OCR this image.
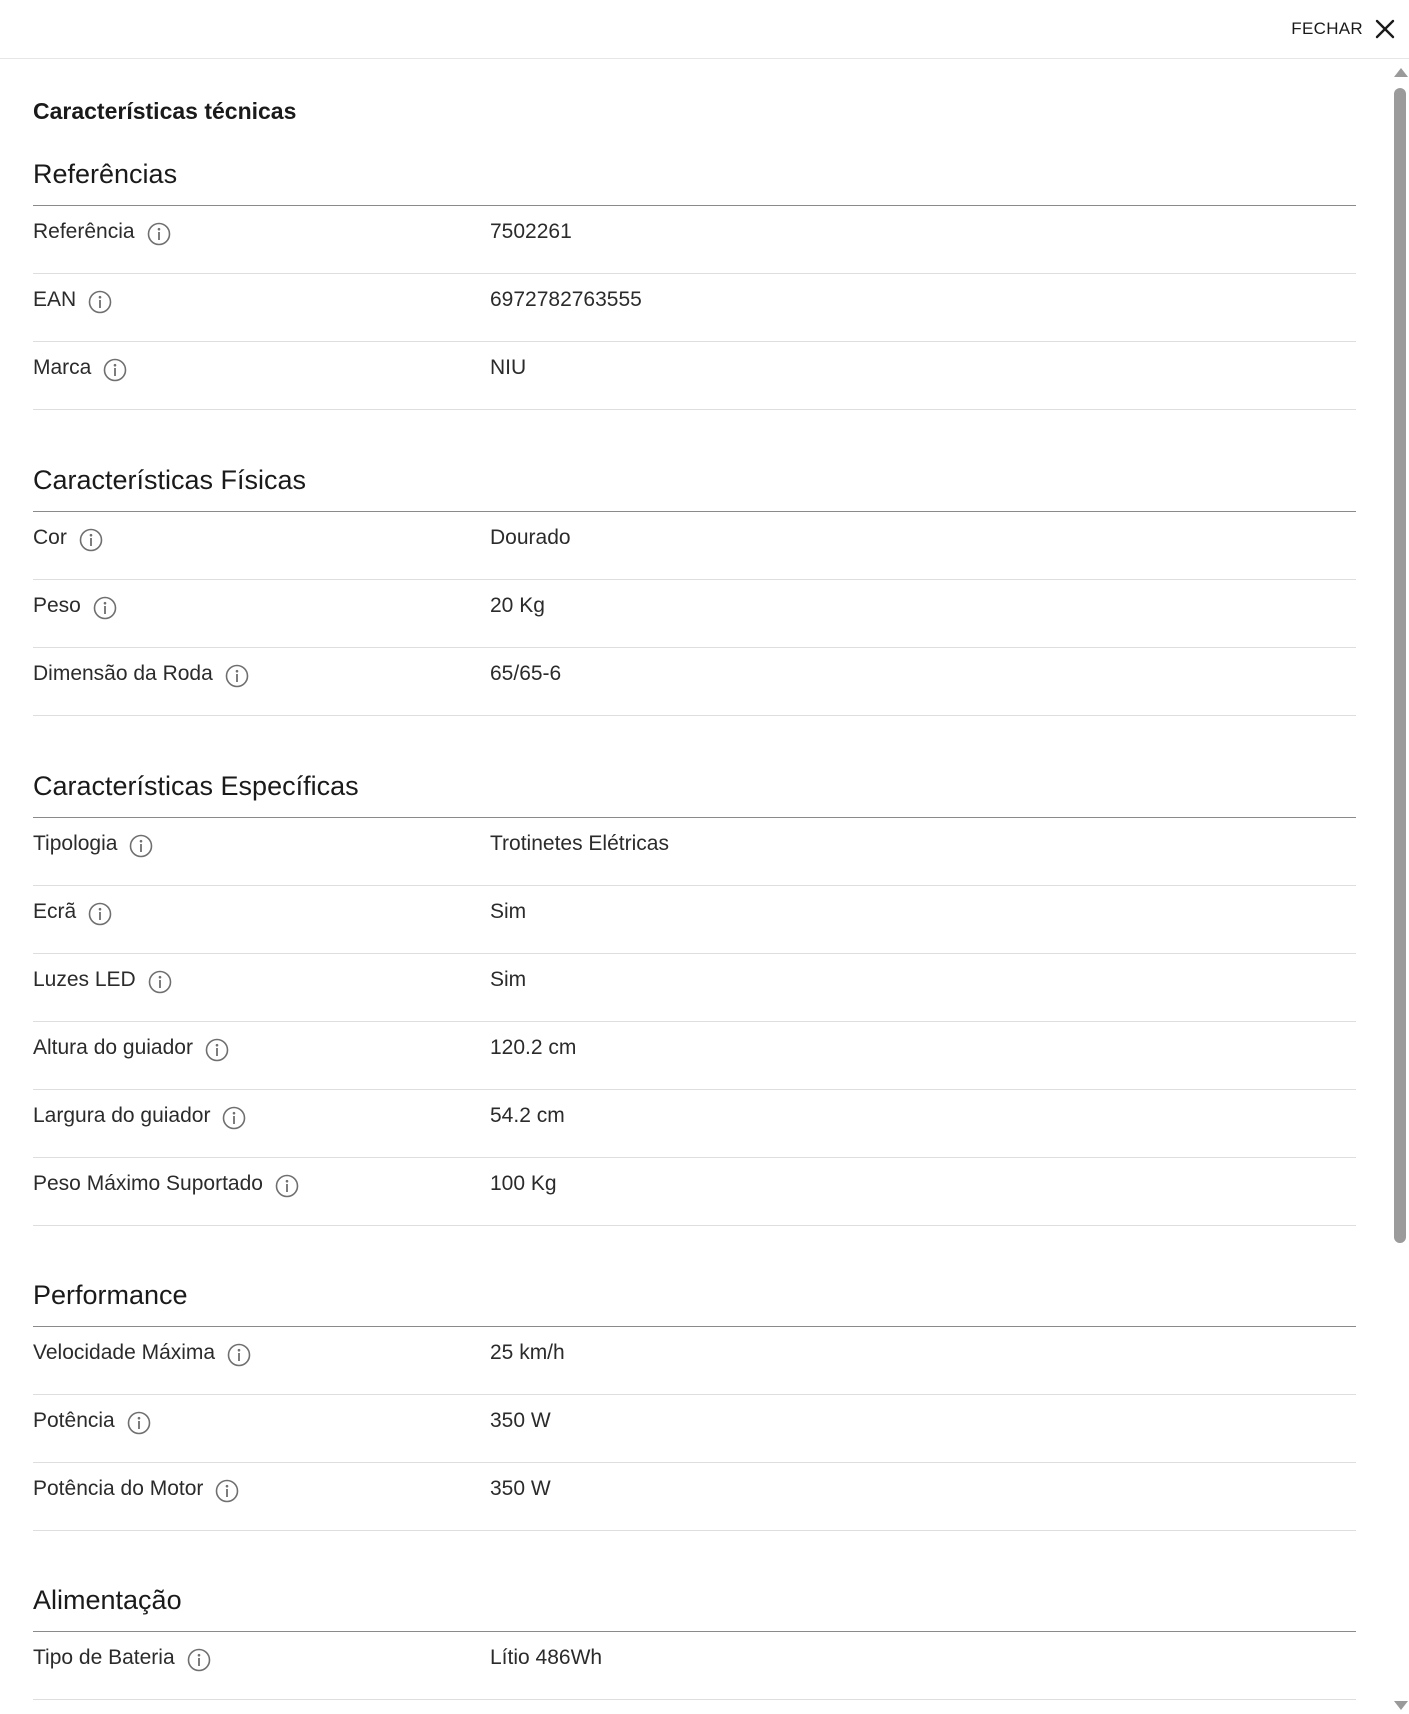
FECHAR
Características técnicas
Referências
Referência	7502261
EAN	6972782763555
Marca	NIU
Características Físicas
Cor	Dourado
Peso	20 Kg
Dimensão da Roda	65/65-6
Características Específicas
Tipologia	Trotinetes Elétricas
Ecrã	Sim
Luzes LED	Sim
Altura do guiador	120.2 cm
Largura do guiador	54.2 cm
Peso Máximo Suportado	100 Kg
Performance
Velocidade Máxima	25 km/h
Potência	350 W
Potência do Motor	350 W
Alimentação
Tipo de Bateria	Lítio 486Wh
